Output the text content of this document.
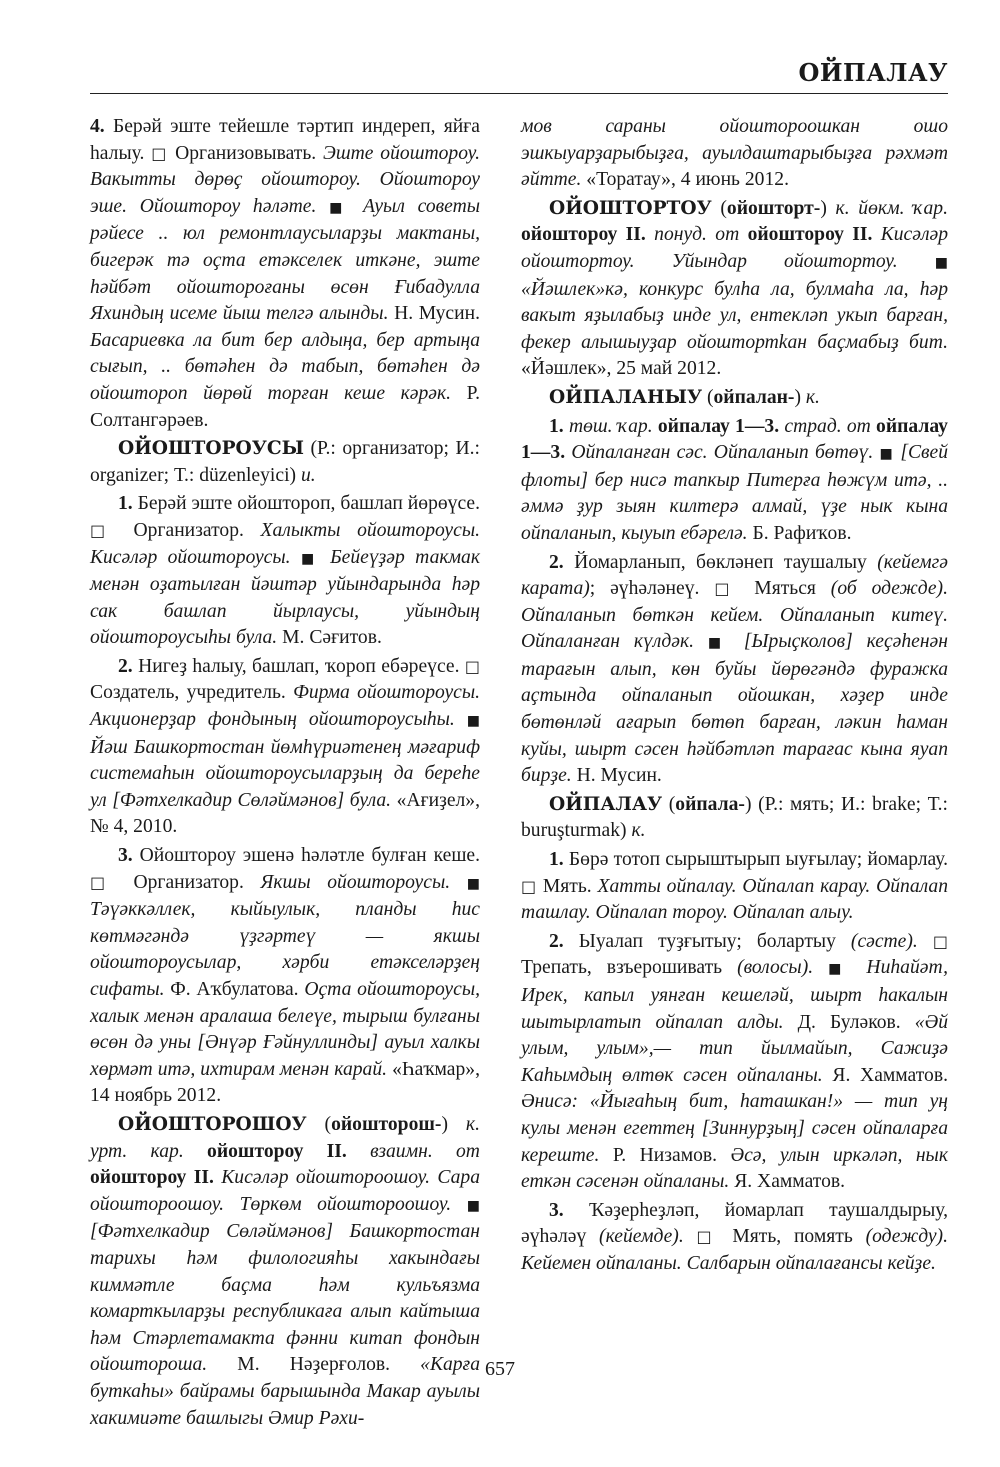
ОЙПАЛАУ

4. Берәй эште тейешле тәртип индереп, яйға һалыу. □ Организовывать. Эште ойоштороу. Вакытты дөрөҫ ойоштороу. Ойоштороу эше. Ойоштороу һәләте. ■ Ауыл советы рәйесе .. юл ремонтлаусыларҙы мактаны, бигерәк тә оҫта етәкселек иткәне, эште һәйбәт ойоштороғаны өсөн Ғибадулла Яхиндың исеме йыш телгә алынды. Н. Мусин. Басариевка ла бит бер алдыңа, бер артыңа сығып, .. бөтәһен дә табып, бөтәһен дә ойоштороп йөрөй торған кеше кәрәк. Р. Солтангәрәев.

ОЙОШТОРОУСЫ (Р.: организатор; И.: organizer; Т.: düzenleyici) и.

1. Берәй эште ойоштороп, башлап йөрөүсе. □ Организатор. Халыкты ойоштороусы. Кисәләр ойоштороусы. ■ Бейеүҙәр такмак менән оҙатылған йәштәр уйындарында һәр сак башлап йырлаусы, уйындың ойоштороусыһы була. М. Сәғитов.

2. Нигеҙ һалыу, башлап, ҡороп ебәреүсе. □ Создатель, учредитель. Фирма ойоштороусы. Акционерҙар фондының ойоштороусыһы. ■ Йәш Башкортостан йөмһүриәтенең мәғариф системаһын ойоштороусыларҙың да береһе ул [Фәтхелкадир Сөләймәнов] була. «Ағиҙел», № 4, 2010.

3. Ойоштороу эшенә һәләтле булған кеше. □ Организатор. Якшы ойоштороусы. ■ Тәүәккәллек, кыйыулык, планды һис көтмәгәндә үҙгәртеү — якшы ойоштороусылар, хәрби етәкселәрҙең сифаты. Ф. Аҡбулатова. Оҫта ойоштороусы, халык менән аралаша белеүе, тырыш булғаны өсөн дә уны [Әнүәр Ғәйнуллинды] ауыл халкы хөрмәт итә, ихтирам менән карай. «Һаҡмар», 14 ноябрь 2012.

ОЙОШТОРОШОУ (ойошторош-) к. урт. кар. ойоштороу II. взаимн. от ойоштороу II. Кисәләр ойоштороошоу. Сара ойоштороошоу. Төркөм ойоштороошоу. ■ [Фәтхелкадир Сөләймәнов] Башкортостан тарихы һәм филологияһы хакындағы киммәтле баҫма һәм кульъязма комарткыларҙы республикаға алып кайтыша һәм Стәрлетамакта фәнни китап фондын ойоштороша. М. Нәҙерғолов. «Карға буткаһы» байрамы барышында Макар ауылы хакимиәте башлыгы Әмир Рәхи-

мов сараны ойоштороошкан ошо эшкыуарҙарыбыҙға, ауылдаштарыбыҙға рәхмәт әйтте. «Торатау», 4 июнь 2012.

ОЙОШТОРТОУ (ойошторт-) к. йөкм. ҡар. ойоштороу II. понуд. от ойоштороу II. Кисәләр ойоштортоу. Уйындар ойоштортоу.	■ «Йәшлек»кә, конкурс булһа ла, булмаһа ла, һәр вакыт яҙылабыҙ инде ул, ентекләп укып барған, фекер алышыуҙар ойоштортkан баҫмабыҙ бит. «Йәшлек», 25 май 2012.

ОЙПАЛАНЫУ (ойпалан-) к.

1. төш. ҡар. ойпалау 1—3. страд. от ойпалау 1—3. Ойпаланған сәс. Ойпаланып бөтөү. ■ [Свей флоты] бер нисә тапкыр Питерға һөжүм итә, .. әммә ҙур зыян килтерә алмай, үҙе нык кына ойпаланып, кыуып ебәрелә. Б. Рафиҡов.

2. Йомарланып, бөкләнеп таушалыу (кейемгә карата); әүһәләнеү. □ Мяться (об одежде). Ойпаланып бөткән кейем. Ойпаланып китеү. Ойпаланған күлдәк. ■ [Ырыҫколов] кеҫәһенән тарағын алып, көн буйы йөрөгәндә фуражка аҫтында ойпаланып ойошкан, хәҙер инде бөтөнләй ағарып бөтөп барған, ләкин һаман куйы, шырт сәсен һәйбәтләп тарағас кына яуап бирҙе. Н. Мусин.

ОЙПАЛАУ (ойпала-) (Р.: мять; И.: brake; Т.: buruşturmak) к.

1. Бөрә тотоп сырыштырып ыуғылау; йомарлау. □ Мять. Хатты ойпалау. Ойпалап карау. Ойпалап ташлау. Ойпалап тороу. Ойпалап алыу.

2. Ыуалап туҙғытыу; болартыу (сәсте). □ Трепать, взъерошивать (волосы). ■ Ниһайәт, Ирек, капыл уянған кешеләй, шырт һакалын шытырлатып ойпалап алды. Д. Буләков. «Әй улым, улым»,— тип йылмайып, Сажиҙә Каһымдың өлтөк сәсен ойпаланы. Я. Хамматов. Әнисә: «Йығаһың бит, һаташкан!» — тип уң кулы менән егеттең [Зиннурҙың] сәсен ойпаларға кереште. Р. Низамов. Әсә, улын иркәләп, нык еткән сәсенән ойпаланы. Я. Хамматов.

3. Ҡәҙерһеҙләп, йомарлап таушалдырыу, әүһәләү (кейемде). □ Мять, помять (одежду). Кейемен ойпаланы. Салбарын ойпалағансы кейҙе.

657
